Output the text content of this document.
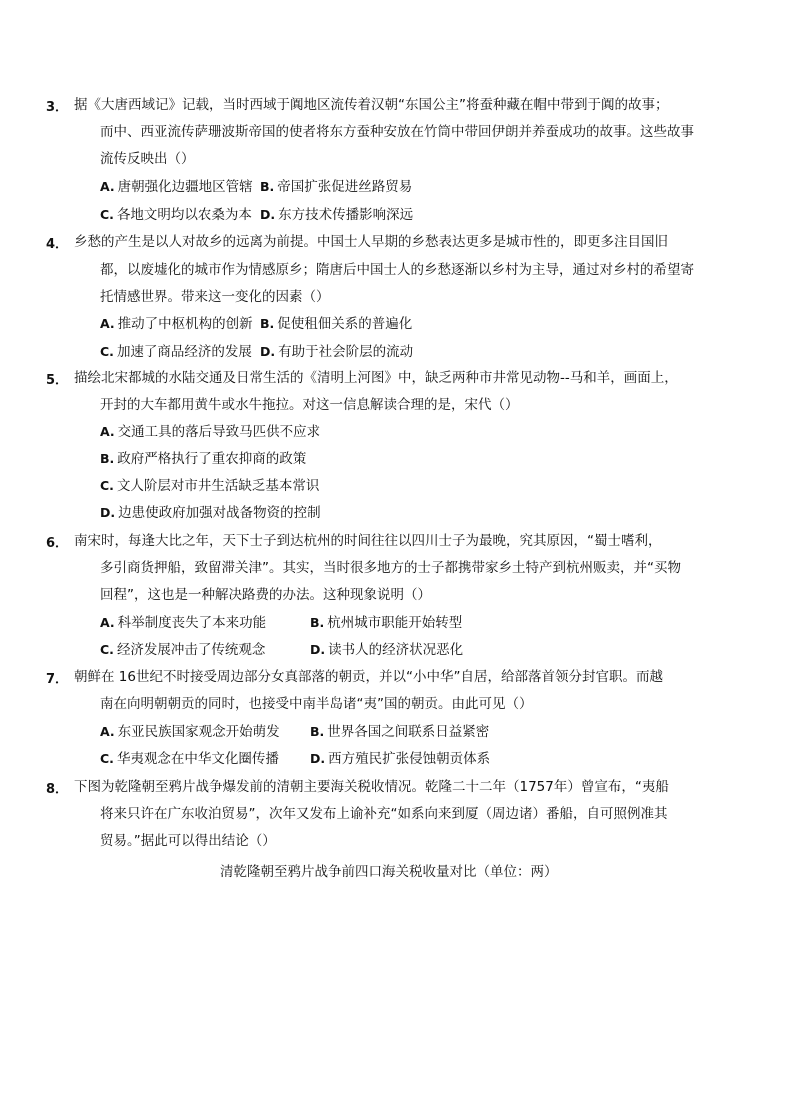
3． 据《大唐西域记》记载，当时西域于阗地区流传着汉朝“东国公主”将蚕种藏在帽中带到于阗的故事；
而中、西亚流传萨珊波斯帝国的使者将东方蚕种安放在竹筒中带回伊朗并养蚕成功的故事。这些故事
流传反映出（）
A. 唐朝强化边疆地区管辖 B. 帝国扩张促进丝路贸易
C. 各地文明均以农桑为本 D. 东方技术传播影响深远
4． 乡愁的产生是以人对故乡的远离为前提。中国士人早期的乡愁表达更多是城市性的，即更多注目国旧
都，以废墟化的城市作为情感原乡；隋唐后中国士人的乡愁逐渐以乡村为主导，通过对乡村的希望寄
托情感世界。带来这一变化的因素（）
A. 推动了中枢机构的创新 B. 促使租佃关系的普遍化
C. 加速了商品经济的发展 D. 有助于社会阶层的流动
5． 描绘北宋都城的水陆交通及日常生活的《清明上河图》中，缺乏两种市井常见动物--马和羊，画面上，
开封的大车都用黄牛或水牛拖拉。对这一信息解读合理的是，宋代（）
A. 交通工具的落后导致马匹供不应求
B. 政府严格执行了重农抑商的政策
C. 文人阶层对市井生活缺乏基本常识
D. 边患使政府加强对战备物资的控制
6． 南宋时，每逢大比之年，天下士子到达杭州的时间往往以四川士子为最晚，究其原因，“蜀士嗜利，
多引商货押船，致留滞关津”。其实，当时很多地方的士子都携带家乡土特产到杭州贩卖，并“买物
回程”，这也是一种解决路费的办法。这种现象说明（）
A. 科举制度丧失了本来功能	B. 杭州城市职能开始转型
C. 经济发展冲击了传统观念	D. 读书人的经济状况恶化
7． 朝鲜在 16世纪不时接受周边部分女真部落的朝贡，并以“小中华”自居，给部落首领分封官职。而越
南在向明朝朝贡的同时，也接受中南半岛诸“夷”国的朝贡。由此可见（）
A. 东亚民族国家观念开始萌发 B. 世界各国之间联系日益紧密
C. 华夷观念在中华文化圈传播 D. 西方殖民扩张侵蚀朝贡体系
8． 下图为乾隆朝至鸦片战争爆发前的清朝主要海关税收情况。乾隆二十二年（1757年）曾宣布，“夷船
将来只许在广东收泊贸易”，次年又发布上谕补充“如系向来到厦（周边诸）番船，自可照例准其
贸易。”据此可以得出结论（）
清乾隆朝至鸦片战争前四口海关税收量对比（单位：两）
